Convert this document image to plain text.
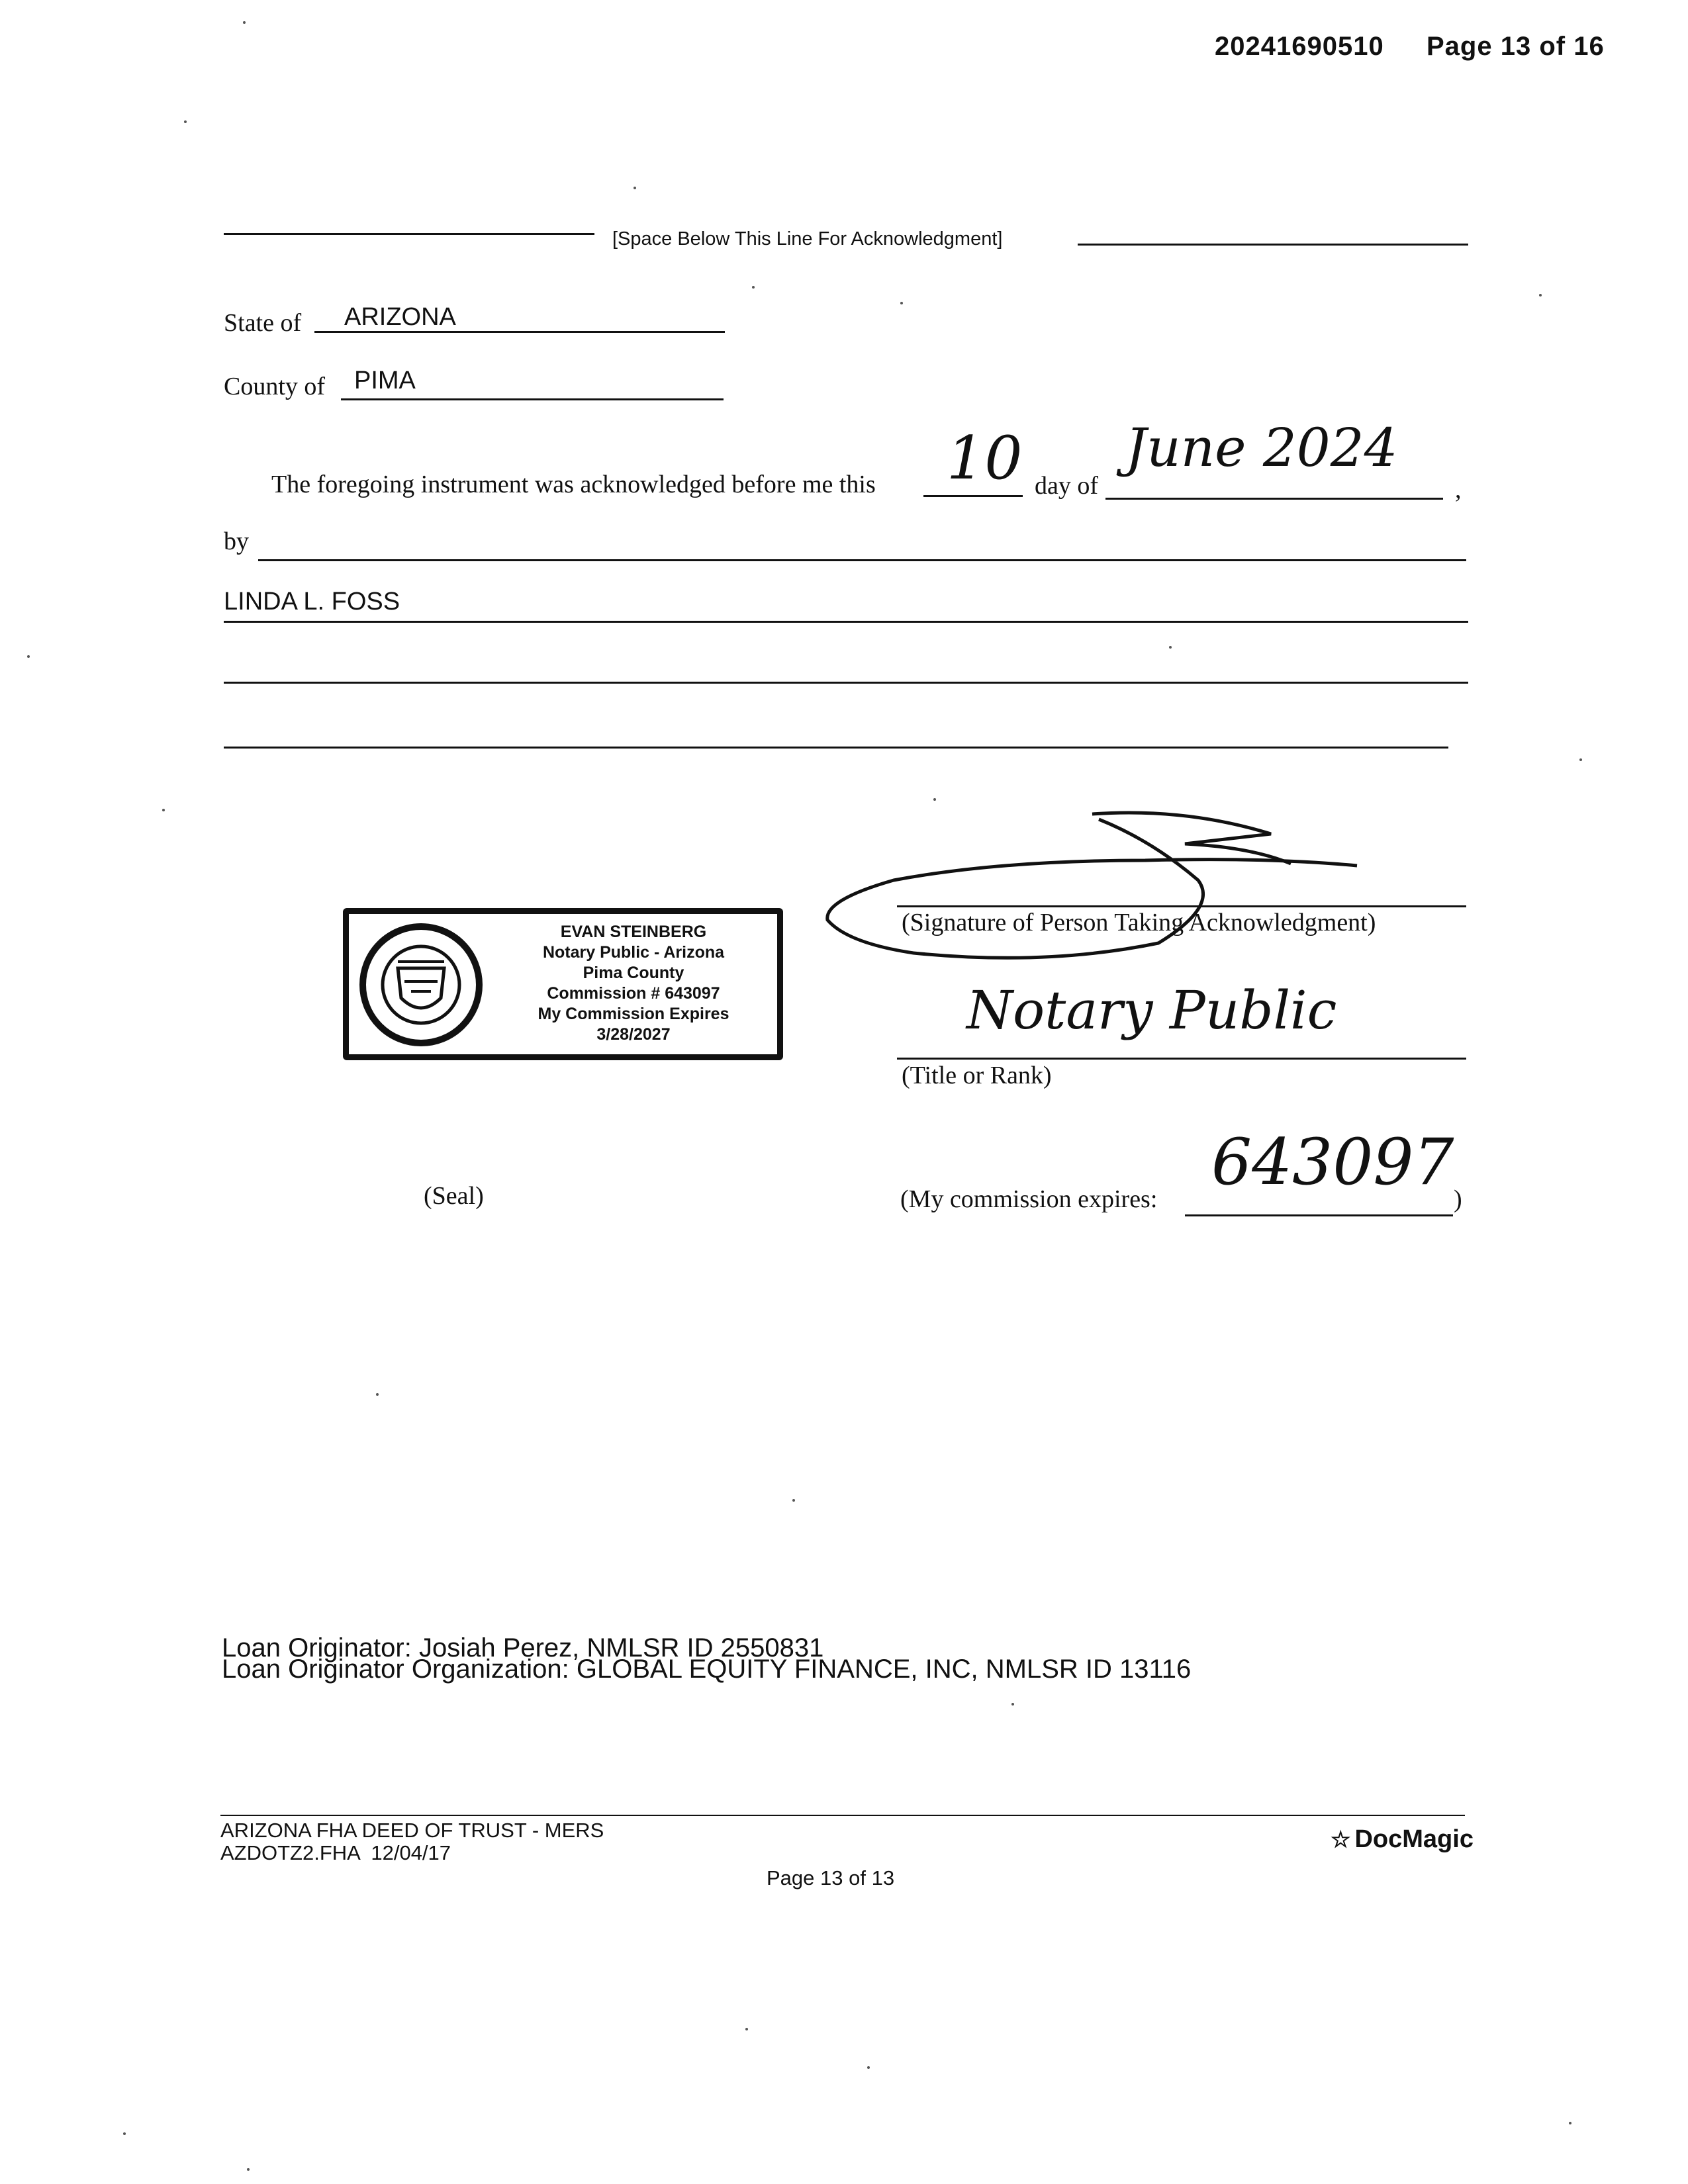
20241690510 Page 13 of 16
[Space Below This Line For Acknowledgment]
State of ARIZONA
County of PIMA
The foregoing instrument was acknowledged before me this 10 day of
June 2024
,
by
LINDA L. FOSS
EVAN STEINBERG
Notary Public - Arizona
Pima County
Commission # 643097
My Commission Expires
3/28/2027
(Signature of Person Taking Acknowledgment)
Notary Public
(Title or Rank)
(Seal)	(My commission expires: 643097 )
Loan Originator: Josiah Perez, NMLSR ID 2550831
Loan Originator Organization: GLOBAL EQUITY FINANCE, INC, NMLSR ID 13116
ARIZONA FHA DEED OF TRUST - MERS
AZDOTZ2.FHA  12/04/17
Page 13 of 13
☆ DocMagic
